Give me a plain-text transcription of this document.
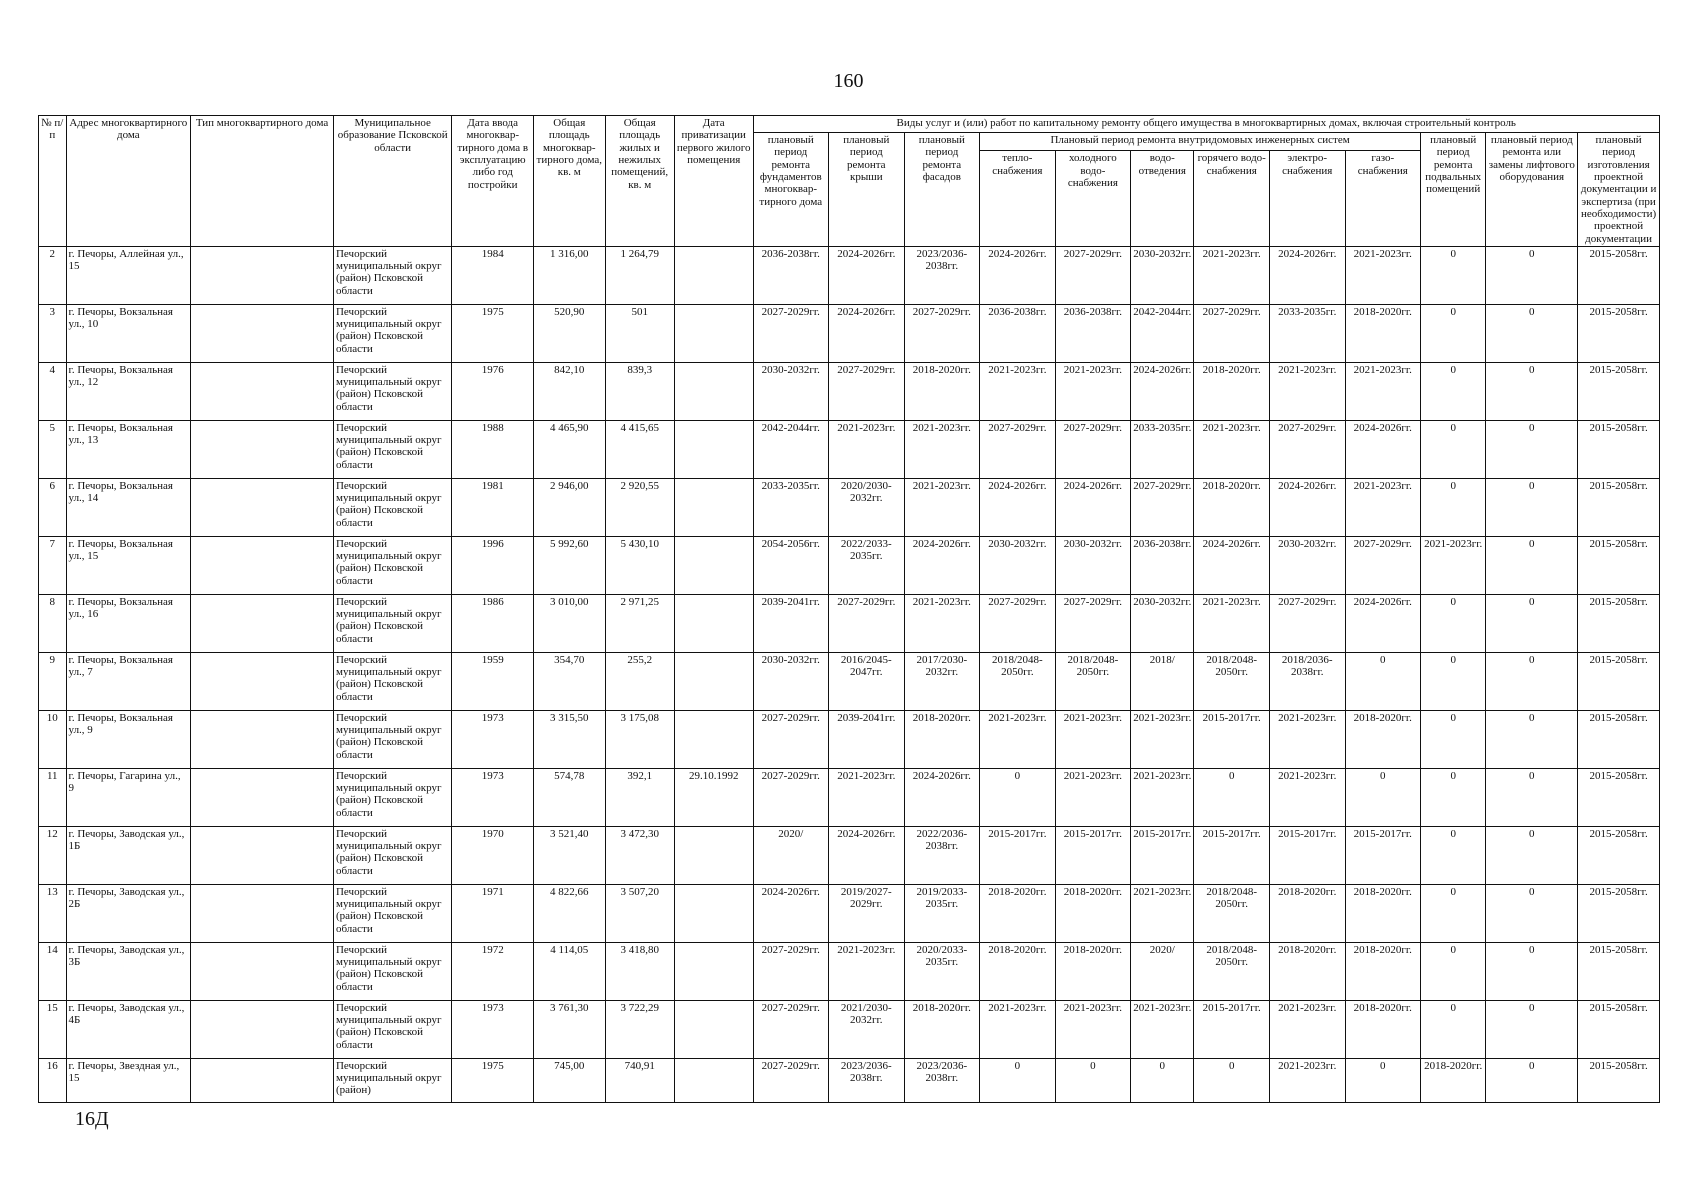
160
№ п/п	Адрес многоквартирного дома	Тип многоквартирного дома	Муниципальное образование Псковской области	Дата ввода многоквар-тирного дома в эксплуатацию либо год постройки	Общая площадь многоквар-тирного дома, кв. м	Общая площадь жилых и нежилых помещений, кв. м	Дата приватизации первого жилого помещения	Виды услуг и (или) работ по капитальному ремонту общего имущества в многоквартирных домах, включая строительный контроль											
								плановый период ремонта фундаментов многоквар-тирного дома	плановый период ремонта крыши	плановый период ремонта фасадов	Плановый период ремонта внутридомовых инженерных систем						плановый период ремонта подвальных помещений	плановый период ремонта или замены лифтового оборудования	плановый период изготовления проектной документации и экспертиза (при необходимости) проектной документации
											тепло-снабжения	холодного водо-снабжения	водо-отведения	горячего водо-снабжения	электро-снабжения	газо-снабжения			
2	г. Печоры, Аллейная ул., 15		Печорский муниципальный округ (район) Псковской области	1984	1 316,00	1 264,79		2036-2038гг.	2024-2026гг.	2023/2036-2038гг.	2024-2026гг.	2027-2029гг.	2030-2032гг.	2021-2023гг.	2024-2026гг.	2021-2023гг.	0	0	2015-2058гг.
3	г. Печоры, Вокзальная ул., 10		Печорский муниципальный округ (район) Псковской области	1975	520,90	501		2027-2029гг.	2024-2026гг.	2027-2029гг.	2036-2038гг.	2036-2038гг.	2042-2044гг.	2027-2029гг.	2033-2035гг.	2018-2020гг.	0	0	2015-2058гг.
4	г. Печоры, Вокзальная ул., 12		Печорский муниципальный округ (район) Псковской области	1976	842,10	839,3		2030-2032гг.	2027-2029гг.	2018-2020гг.	2021-2023гг.	2021-2023гг.	2024-2026гг.	2018-2020гг.	2021-2023гг.	2021-2023гг.	0	0	2015-2058гг.
5	г. Печоры, Вокзальная ул., 13		Печорский муниципальный округ (район) Псковской области	1988	4 465,90	4 415,65		2042-2044гг.	2021-2023гг.	2021-2023гг.	2027-2029гг.	2027-2029гг.	2033-2035гг.	2021-2023гг.	2027-2029гг.	2024-2026гг.	0	0	2015-2058гг.
6	г. Печоры, Вокзальная ул., 14		Печорский муниципальный округ (район) Псковской области	1981	2 946,00	2 920,55		2033-2035гг.	2020/2030-2032гг.	2021-2023гг.	2024-2026гг.	2024-2026гг.	2027-2029гг.	2018-2020гг.	2024-2026гг.	2021-2023гг.	0	0	2015-2058гг.
7	г. Печоры, Вокзальная ул., 15		Печорский муниципальный округ (район) Псковской области	1996	5 992,60	5 430,10		2054-2056гг.	2022/2033-2035гг.	2024-2026гг.	2030-2032гг.	2030-2032гг.	2036-2038гг.	2024-2026гг.	2030-2032гг.	2027-2029гг.	2021-2023гг.	0	2015-2058гг.
8	г. Печоры, Вокзальная ул., 16		Печорский муниципальный округ (район) Псковской области	1986	3 010,00	2 971,25		2039-2041гг.	2027-2029гг.	2021-2023гг.	2027-2029гг.	2027-2029гг.	2030-2032гг.	2021-2023гг.	2027-2029гг.	2024-2026гг.	0	0	2015-2058гг.
9	г. Печоры, Вокзальная ул., 7		Печорский муниципальный округ (район) Псковской области	1959	354,70	255,2		2030-2032гг.	2016/2045-2047гг.	2017/2030-2032гг.	2018/2048-2050гг.	2018/2048-2050гг.	2018/	2018/2048-2050гг.	2018/2036-2038гг.	0	0	0	2015-2058гг.
10	г. Печоры, Вокзальная ул., 9		Печорский муниципальный округ (район) Псковской области	1973	3 315,50	3 175,08		2027-2029гг.	2039-2041гг.	2018-2020гг.	2021-2023гг.	2021-2023гг.	2021-2023гг.	2015-2017гг.	2021-2023гг.	2018-2020гг.	0	0	2015-2058гг.
11	г. Печоры, Гагарина ул., 9		Печорский муниципальный округ (район) Псковской области	1973	574,78	392,1	29.10.1992	2027-2029гг.	2021-2023гг.	2024-2026гг.	0	2021-2023гг.	2021-2023гг.	0	2021-2023гг.	0	0	0	2015-2058гг.
12	г. Печоры, Заводская ул., 1Б		Печорский муниципальный округ (район) Псковской области	1970	3 521,40	3 472,30		2020/	2024-2026гг.	2022/2036-2038гг.	2015-2017гг.	2015-2017гг.	2015-2017гг.	2015-2017гг.	2015-2017гг.	2015-2017гг.	0	0	2015-2058гг.
13	г. Печоры, Заводская ул., 2Б		Печорский муниципальный округ (район) Псковской области	1971	4 822,66	3 507,20		2024-2026гг.	2019/2027-2029гг.	2019/2033-2035гг.	2018-2020гг.	2018-2020гг.	2021-2023гг.	2018/2048-2050гг.	2018-2020гг.	2018-2020гг.	0	0	2015-2058гг.
14	г. Печоры, Заводская ул., 3Б		Печорский муниципальный округ (район) Псковской области	1972	4 114,05	3 418,80		2027-2029гг.	2021-2023гг.	2020/2033-2035гг.	2018-2020гг.	2018-2020гг.	2020/	2018/2048-2050гг.	2018-2020гг.	2018-2020гг.	0	0	2015-2058гг.
15	г. Печоры, Заводская ул., 4Б		Печорский муниципальный округ (район) Псковской области	1973	3 761,30	3 722,29		2027-2029гг.	2021/2030-2032гг.	2018-2020гг.	2021-2023гг.	2021-2023гг.	2021-2023гг.	2015-2017гг.	2021-2023гг.	2018-2020гг.	0	0	2015-2058гг.
16	г. Печоры, Звездная ул., 15		Печорский муниципальный округ (район)	1975	745,00	740,91		2027-2029гг.	2023/2036-2038гг.	2023/2036-2038гг.	0	0	0	0	2021-2023гг.	0	2018-2020гг.	0	2015-2058гг.
16Д
